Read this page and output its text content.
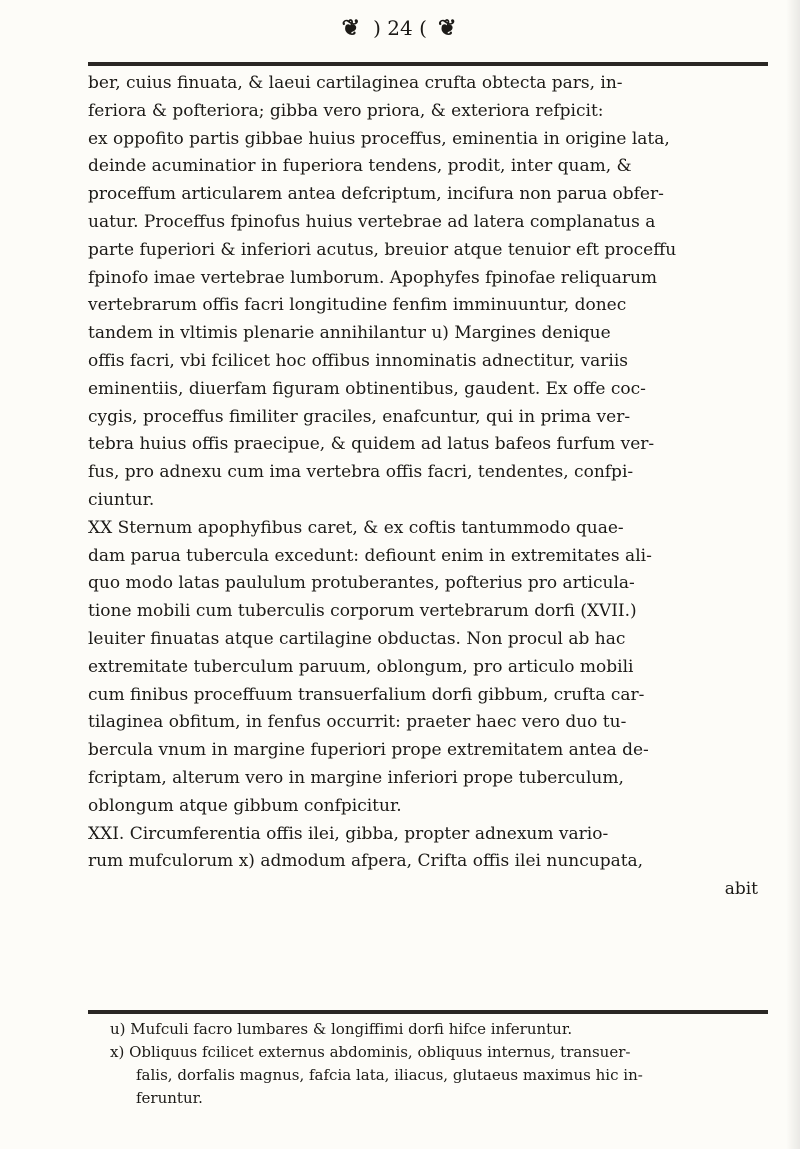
❦ ) 24 ( ❦

ber, cuius finuata, & laeui cartilaginea crufta obtecta pars, in-

feriora & pofteriora; gibba vero priora, & exteriora refpicit:

ex oppofito partis gibbae huius proceffus, eminentia in origine lata,

deinde acuminatior in fuperiora tendens, prodit, inter quam, &

proceffum articularem antea defcriptum, incifura non parua obfer-

uatur. Proceffus fpinofus huius vertebrae ad latera complanatus a

parte fuperiori & inferiori acutus, breuior atque tenuior eft proceffu

fpinofo imae vertebrae lumborum. Apophyfes fpinofae reliquarum

vertebrarum offis facri longitudine fenfim imminuuntur, donec

tandem in vltimis plenarie annihilantur u) Margines denique

offis facri, vbi fcilicet hoc offibus innominatis adnectitur, variis

eminentiis, diuerfam figuram obtinentibus, gaudent. Ex offe coc-

cygis, proceffus fimiliter graciles, enafcuntur, qui in prima ver-

tebra huius offis praecipue, & quidem ad latus bafeos furfum ver-

fus, pro adnexu cum ima vertebra offis facri, tendentes, confpi-

ciuntur.

XX Sternum apophyfibus caret, & ex coftis tantummodo quae-

dam parua tubercula excedunt: defiount enim in extremitates ali-

quo modo latas paululum protuberantes, pofterius pro articula-

tione mobili cum tuberculis corporum vertebrarum dorfi (XVII.)

leuiter finuatas atque cartilagine obductas. Non procul ab hac

extremitate tuberculum paruum, oblongum, pro articulo mobili

cum finibus proceffuum transuerfalium dorfi gibbum, crufta car-

tilaginea obfitum, in fenfus occurrit: praeter haec vero duo tu-

bercula vnum in margine fuperiori prope extremitatem antea de-

fcriptam, alterum vero in margine inferiori prope tuberculum,

oblongum atque gibbum confpicitur.

XXI. Circumferentia offis ilei, gibba, propter adnexum vario-

rum mufculorum x) admodum afpera, Crifta offis ilei nuncupata,

abit

u) Mufculi facro lumbares & longiffimi dorfi hifce inferuntur.

x) Obliquus fcilicet externus abdominis, obliquus internus, transuer-

falis, dorfalis magnus, fafcia lata, iliacus, glutaeus maximus hic in-

feruntur.
